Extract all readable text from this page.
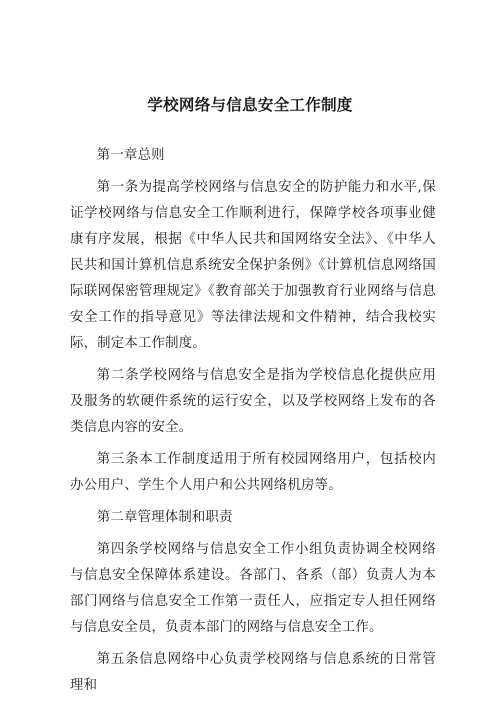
学校网络与信息安全工作制度

第一章总则

第一条为提高学校网络与信息安全的防护能力和水平,保证学校网络与信息安全工作顺利进行，保障学校各项事业健康有序发展，根据《中华人民共和国网络安全法》、《中华人民共和国计算机信息系统安全保护条例》《计算机信息网络国际联网保密管理规定》《教育部关于加强教育行业网络与信息安全工作的指导意见》等法律法规和文件精神，结合我校实际，制定本工作制度。

第二条学校网络与信息安全是指为学校信息化提供应用及服务的软硬件系统的运行安全，以及学校网络上发布的各类信息内容的安全。

第三条本工作制度适用于所有校园网络用户，包括校内办公用户、学生个人用户和公共网络机房等。

第二章管理体制和职责

第四条学校网络与信息安全工作小组负责协调全校网络与信息安全保障体系建设。各部门、各系（部）负责人为本部门网络与信息安全工作第一责任人，应指定专人担任网络与信息安全员，负责本部门的网络与信息安全工作。

第五条信息网络中心负责学校网络与信息系统的日常管理和
